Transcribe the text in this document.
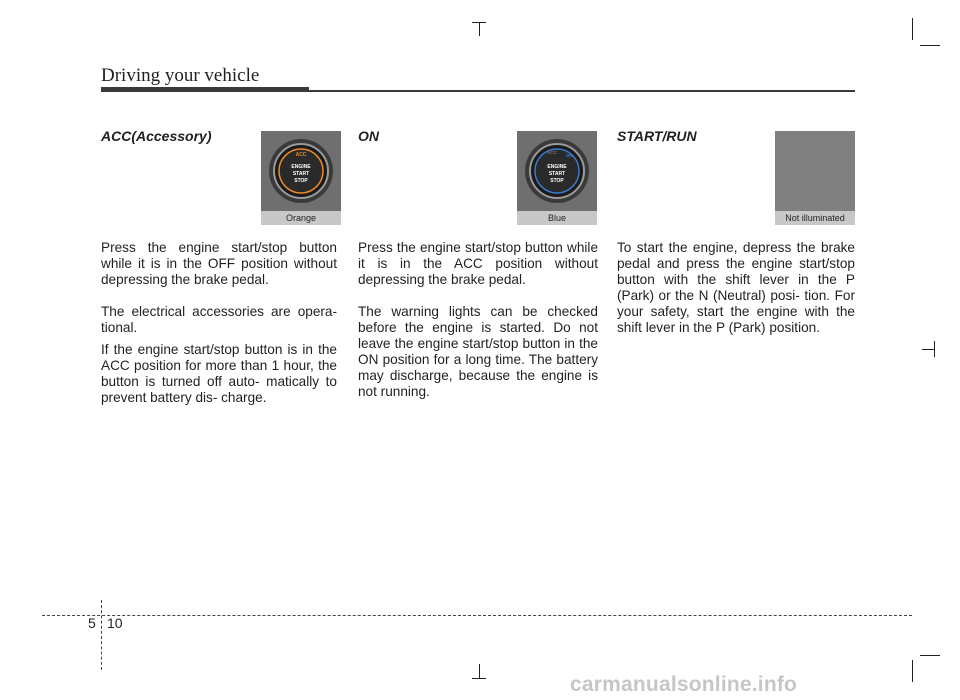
Driving your vehicle
ACC(Accessory)
ACC
ENGINE
START
STOP
Orange

Press the engine start/stop button while it is in the OFF position without depressing the brake pedal.

The electrical accessories are opera- tional.

If the engine start/stop button is in the ACC position for more than 1 hour, the button is turned off auto- matically to prevent battery dis- charge.

ON
ACC
ON
ENGINE
START
STOP
Blue

Press the engine start/stop button while it is in the ACC position without depressing the brake pedal.

The warning lights can be checked before the engine is started. Do not leave the engine start/stop button in the ON position for a long time. The battery may discharge, because the engine is not running.

START/RUN
Not illuminated

To start the engine, depress the brake pedal and press the engine start/stop button with the shift lever in the P (Park) or the N (Neutral) posi- tion. For your safety, start the engine with the shift lever in the P (Park) position.

5 10
carmanualsonline.info
